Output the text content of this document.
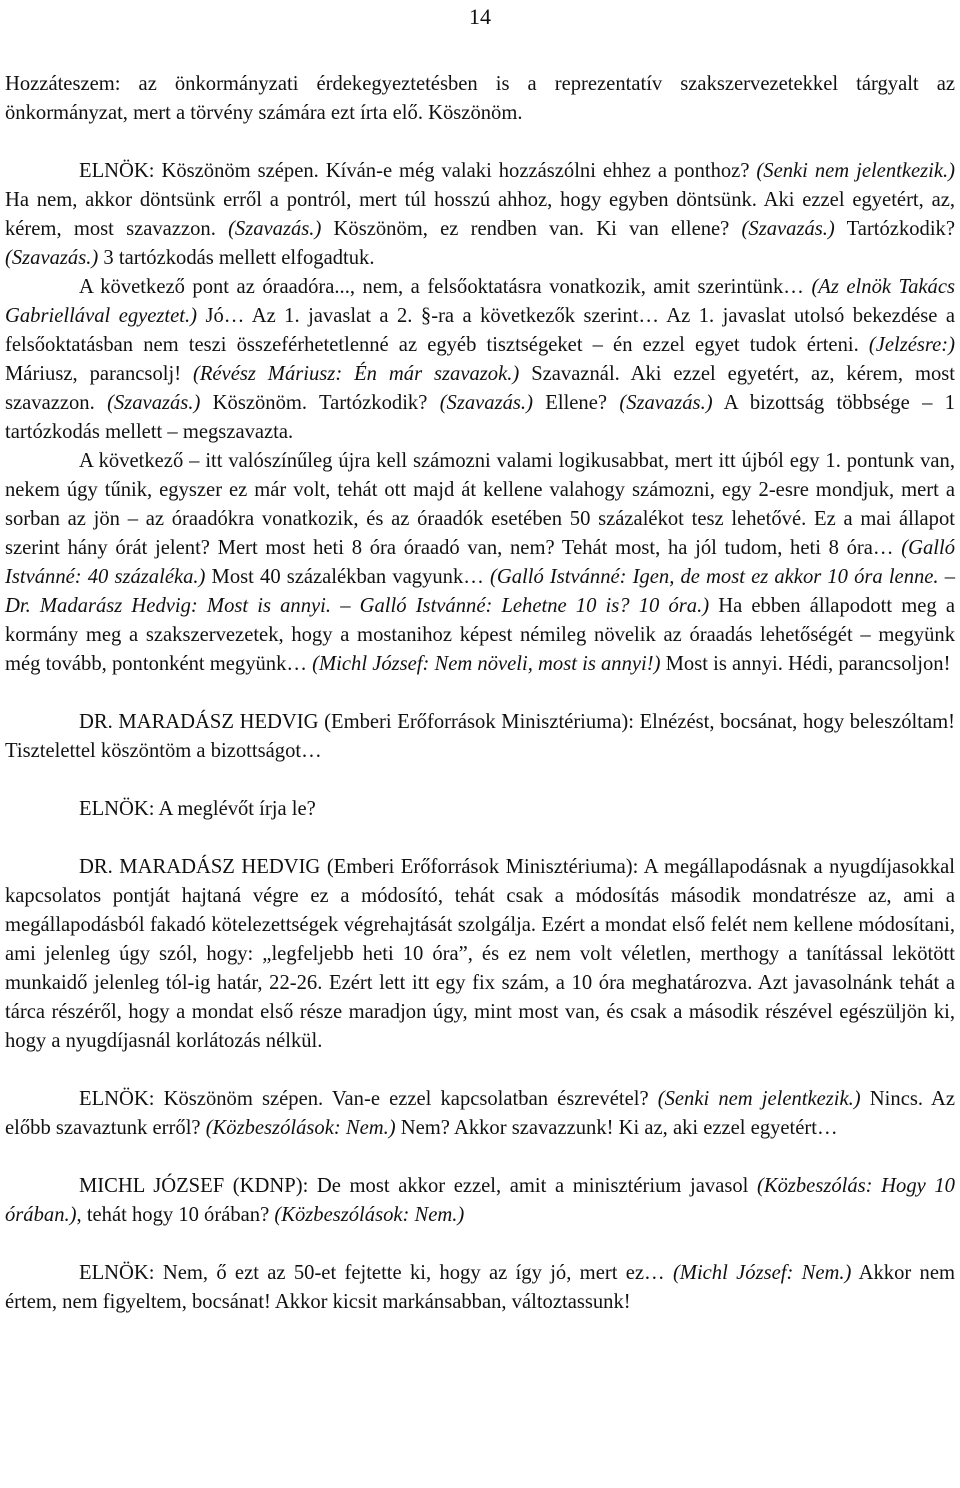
14

Hozzáteszem: az önkormányzati érdekegyeztetésben is a reprezentatív szakszervezetekkel tárgyalt az önkormányzat, mert a törvény számára ezt írta elő. Köszönöm.

ELNÖK: Köszönöm szépen. Kíván-e még valaki hozzászólni ehhez a ponthoz? (Senki nem jelentkezik.) Ha nem, akkor döntsünk erről a pontról, mert túl hosszú ahhoz, hogy egyben döntsünk. Aki ezzel egyetért, az, kérem, most szavazzon. (Szavazás.) Köszönöm, ez rendben van. Ki van ellene? (Szavazás.) Tartózkodik? (Szavazás.) 3 tartózkodás mellett elfogadtuk.

A következő pont az óraadóra..., nem, a felsőoktatásra vonatkozik, amit szerintünk… (Az elnök Takács Gabriellával egyeztet.) Jó… Az 1. javaslat a 2. §-ra a következők szerint… Az 1. javaslat utolsó bekezdése a felsőoktatásban nem teszi összeférhetetlenné az egyéb tisztségeket – én ezzel egyet tudok érteni. (Jelzésre:) Máriusz, parancsolj! (Révész Máriusz: Én már szavazok.) Szavaznál. Aki ezzel egyetért, az, kérem, most szavazzon. (Szavazás.) Köszönöm. Tartózkodik? (Szavazás.) Ellene? (Szavazás.) A bizottság többsége – 1 tartózkodás mellett – megszavazta.

A következő – itt valószínűleg újra kell számozni valami logikusabbat, mert itt újból egy 1. pontunk van, nekem úgy tűnik, egyszer ez már volt, tehát ott majd át kellene valahogy számozni, egy 2-esre mondjuk, mert a sorban az jön – az óraadókra vonatkozik, és az óraadók esetében 50 százalékot tesz lehetővé. Ez a mai állapot szerint hány órát jelent? Mert most heti 8 óra óraadó van, nem? Tehát most, ha jól tudom, heti 8 óra… (Galló Istvánné: 40 százaléka.) Most 40 százalékban vagyunk… (Galló Istvánné: Igen, de most ez akkor 10 óra lenne. – Dr. Madarász Hedvig: Most is annyi. – Galló Istvánné: Lehetne 10 is? 10 óra.) Ha ebben állapodott meg a kormány meg a szakszervezetek, hogy a mostanihoz képest némileg növelik az óraadás lehetőségét – megyünk még tovább, pontonként megyünk… (Michl József: Nem növeli, most is annyi!) Most is annyi. Hédi, parancsoljon!

DR. MARADÁSZ HEDVIG (Emberi Erőforrások Minisztériuma): Elnézést, bocsánat, hogy beleszóltam! Tisztelettel köszöntöm a bizottságot…

ELNÖK: A meglévőt írja le?

DR. MARADÁSZ HEDVIG (Emberi Erőforrások Minisztériuma): A megállapodásnak a nyugdíjasokkal kapcsolatos pontját hajtaná végre ez a módosító, tehát csak a módosítás második mondatrésze az, ami a megállapodásból fakadó kötelezettségek végrehajtását szolgálja. Ezért a mondat első felét nem kellene módosítani, ami jelenleg úgy szól, hogy: „legfeljebb heti 10 óra”, és ez nem volt véletlen, merthogy a tanítással lekötött munkaidő jelenleg tól-ig határ, 22-26. Ezért lett itt egy fix szám, a 10 óra meghatározva. Azt javasolnánk tehát a tárca részéről, hogy a mondat első része maradjon úgy, mint most van, és csak a második részével egészüljön ki, hogy a nyugdíjasnál korlátozás nélkül.

ELNÖK: Köszönöm szépen. Van-e ezzel kapcsolatban észrevétel? (Senki nem jelentkezik.) Nincs. Az előbb szavaztunk erről? (Közbeszólások: Nem.) Nem? Akkor szavazzunk! Ki az, aki ezzel egyetért…

MICHL JÓZSEF (KDNP): De most akkor ezzel, amit a minisztérium javasol (Közbeszólás: Hogy 10 órában.), tehát hogy 10 órában? (Közbeszólások: Nem.)

ELNÖK: Nem, ő ezt az 50-et fejtette ki, hogy az így jó, mert ez… (Michl József: Nem.) Akkor nem értem, nem figyeltem, bocsánat! Akkor kicsit markánsabban, változtassunk!
